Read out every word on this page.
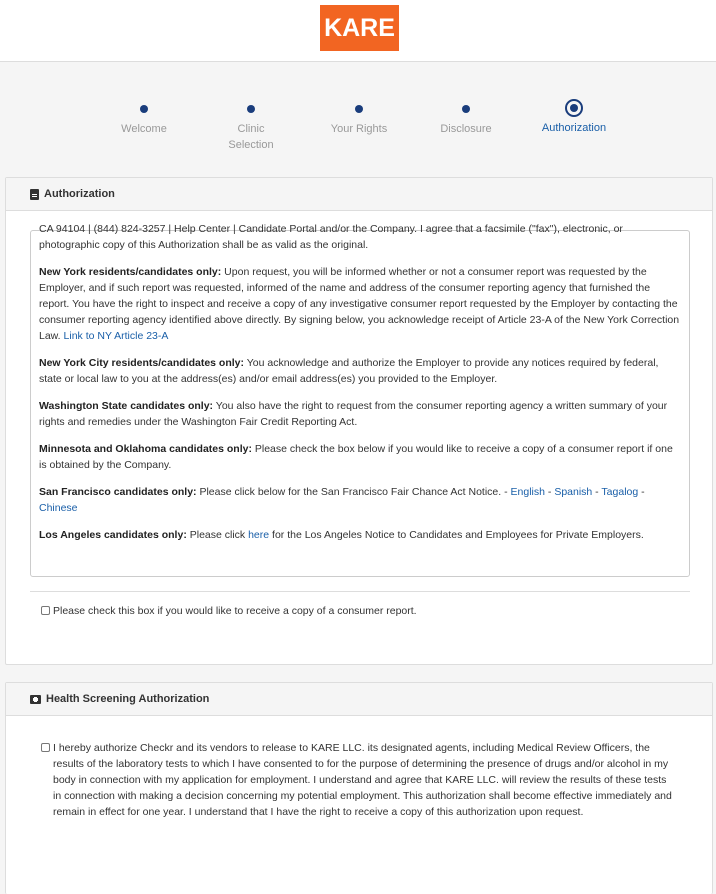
KARE
Welcome	Clinic Selection
Your Rights	Disclosure	Authorization
Authorization

CA 94104 | (844) 824-3257 | Help Center | Candidate Portal and/or the Company. I agree that a facsimile ("fax"), electronic, or
photographic copy of this Authorization shall be as valid as the original.

New York residents/candidates only: Upon request, you will be informed whether or not a consumer report was requested by the Employer, and if such report was requested, informed of the name and address of the consumer reporting agency that furnished the report. You have the right to inspect and receive a copy of any investigative consumer report requested by the Employer by contacting the consumer reporting agency identified above directly. By signing below, you acknowledge receipt of Article 23-A of the New York Correction Law. Link to NY Article 23-A

New York City residents/candidates only: You acknowledge and authorize the Employer to provide any notices required by federal, state or local law to you at the address(es) and/or email address(es) you provided to the Employer.

Washington State candidates only: You also have the right to request from the consumer reporting agency a written summary of your rights and remedies under the Washington Fair Credit Reporting Act.

Minnesota and Oklahoma candidates only: Please check the box below if you would like to receive a copy of a consumer report if one is obtained by the Company.

San Francisco candidates only: Please click below for the San Francisco Fair Chance Act Notice. - English - Spanish - Tagalog - Chinese

Los Angeles candidates only: Please click here for the Los Angeles Notice to Candidates and Employees for Private Employers.

Please check this box if you would like to receive a copy of a consumer report.
Health Screening Authorization
I hereby authorize Checkr and its vendors to release to KARE LLC. its designated agents, including Medical Review Officers, the results of the laboratory tests to which I have consented to for the purpose of determining the presence of drugs and/or alcohol in my body in connection with my application for employment. I understand and agree that KARE LLC. will review the results of these tests in connection with making a decision concerning my potential employment. This authorization shall become effective immediately and remain in effect for one year. I understand that I have the right to receive a copy of this authorization upon request.
